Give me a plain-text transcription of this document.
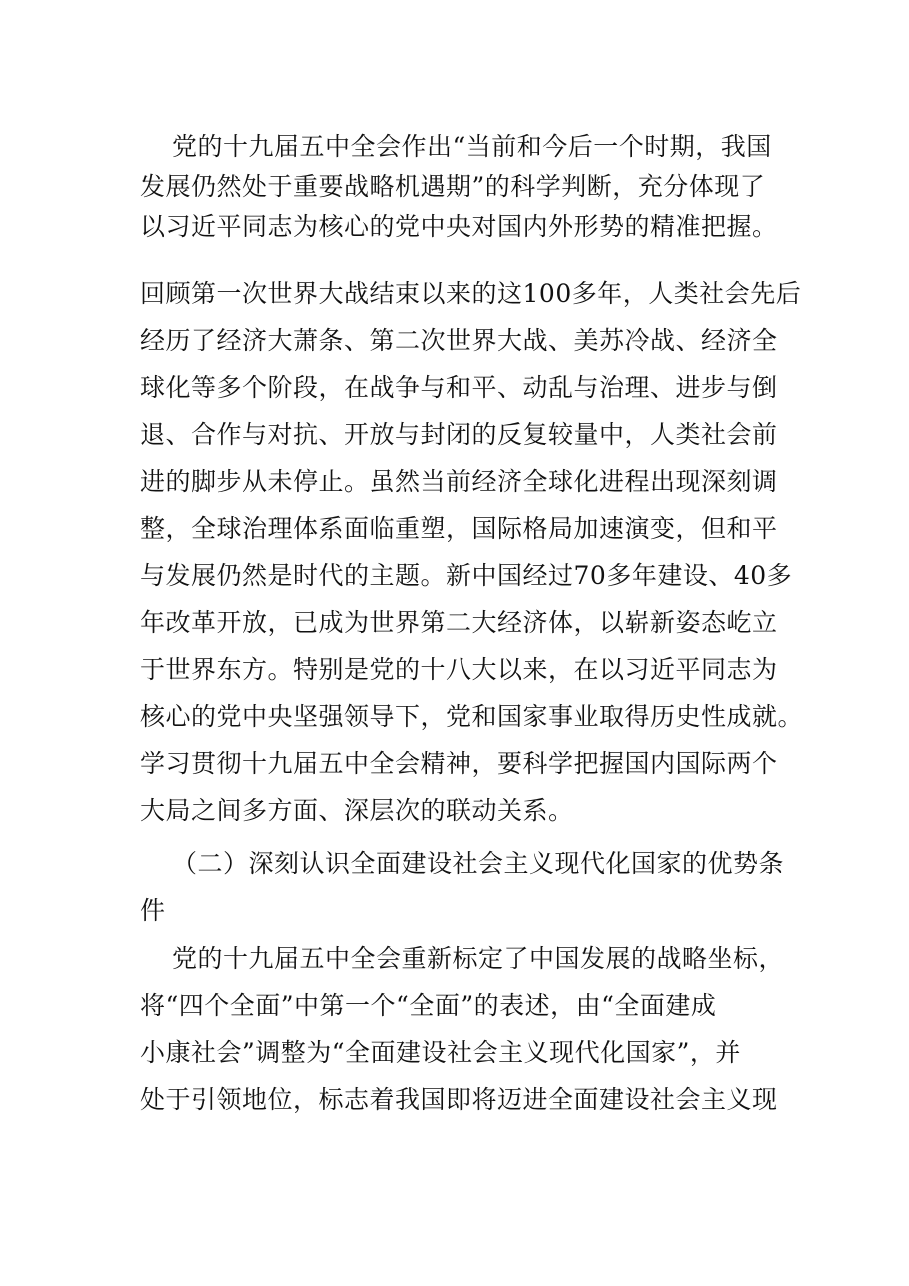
党的十九届五中全会作出“当前和今后一个时期，我国
发展仍然处于重要战略机遇期”的科学判断，充分体现了
以习近平同志为核心的党中央对国内外形势的精准把握。
回顾第一次世界大战结束以来的这100多年，人类社会先后
经历了经济大萧条、第二次世界大战、美苏冷战、经济全
球化等多个阶段，在战争与和平、动乱与治理、进步与倒
退、合作与对抗、开放与封闭的反复较量中，人类社会前
进的脚步从未停止。虽然当前经济全球化进程出现深刻调
整，全球治理体系面临重塑，国际格局加速演变，但和平
与发展仍然是时代的主题。新中国经过70多年建设、40多
年改革开放，已成为世界第二大经济体，以崭新姿态屹立
于世界东方。特别是党的十八大以来，在以习近平同志为
核心的党中央坚强领导下，党和国家事业取得历史性成就。
学习贯彻十九届五中全会精神，要科学把握国内国际两个
大局之间多方面、深层次的联动关系。
（二）深刻认识全面建设社会主义现代化国家的优势条
件
党的十九届五中全会重新标定了中国发展的战略坐标，
将“四个全面”中第一个“全面”的表述，由“全面建成
小康社会”调整为“全面建设社会主义现代化国家”，并
处于引领地位，标志着我国即将迈进全面建设社会主义现
